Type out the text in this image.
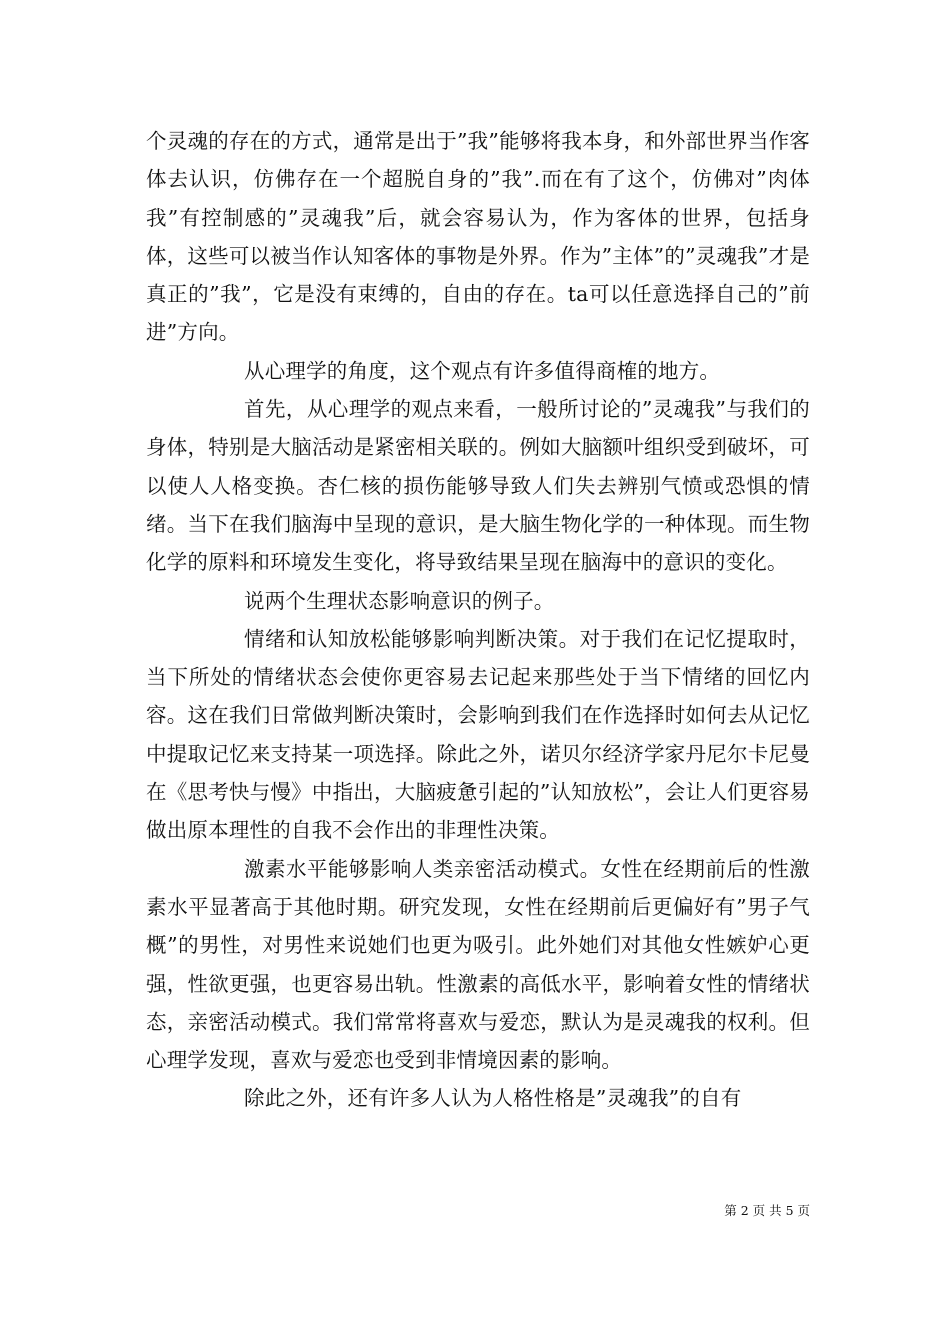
个灵魂的存在的方式，通常是出于”我”能够将我本身，和外部世界当作客体去认识，仿佛存在一个超脱自身的”我”.而在有了这个，仿佛对”肉体我”有控制感的”灵魂我”后，就会容易认为，作为客体的世界，包括身体，这些可以被当作认知客体的事物是外界。作为”主体”的”灵魂我”才是真正的”我”，它是没有束缚的，自由的存在。ta可以任意选择自己的”前进”方向。

从心理学的角度，这个观点有许多值得商榷的地方。

首先，从心理学的观点来看，一般所讨论的”灵魂我”与我们的身体，特别是大脑活动是紧密相关联的。例如大脑额叶组织受到破坏，可以使人人格变换。杏仁核的损伤能够导致人们失去辨别气愤或恐惧的情绪。当下在我们脑海中呈现的意识，是大脑生物化学的一种体现。而生物化学的原料和环境发生变化，将导致结果呈现在脑海中的意识的变化。

说两个生理状态影响意识的例子。

情绪和认知放松能够影响判断决策。对于我们在记忆提取时，当下所处的情绪状态会使你更容易去记起来那些处于当下情绪的回忆内容。这在我们日常做判断决策时，会影响到我们在作选择时如何去从记忆中提取记忆来支持某一项选择。除此之外，诺贝尔经济学家丹尼尔卡尼曼在《思考快与慢》中指出，大脑疲惫引起的”认知放松”，会让人们更容易做出原本理性的自我不会作出的非理性决策。

激素水平能够影响人类亲密活动模式。女性在经期前后的性激素水平显著高于其他时期。研究发现，女性在经期前后更偏好有”男子气概”的男性，对男性来说她们也更为吸引。此外她们对其他女性嫉妒心更强，性欲更强，也更容易出轨。性激素的高低水平，影响着女性的情绪状态，亲密活动模式。我们常常将喜欢与爱恋，默认为是灵魂我的权利。但心理学发现，喜欢与爱恋也受到非情境因素的影响。

除此之外，还有许多人认为人格性格是”灵魂我”的自有

第 2 页 共 5 页
